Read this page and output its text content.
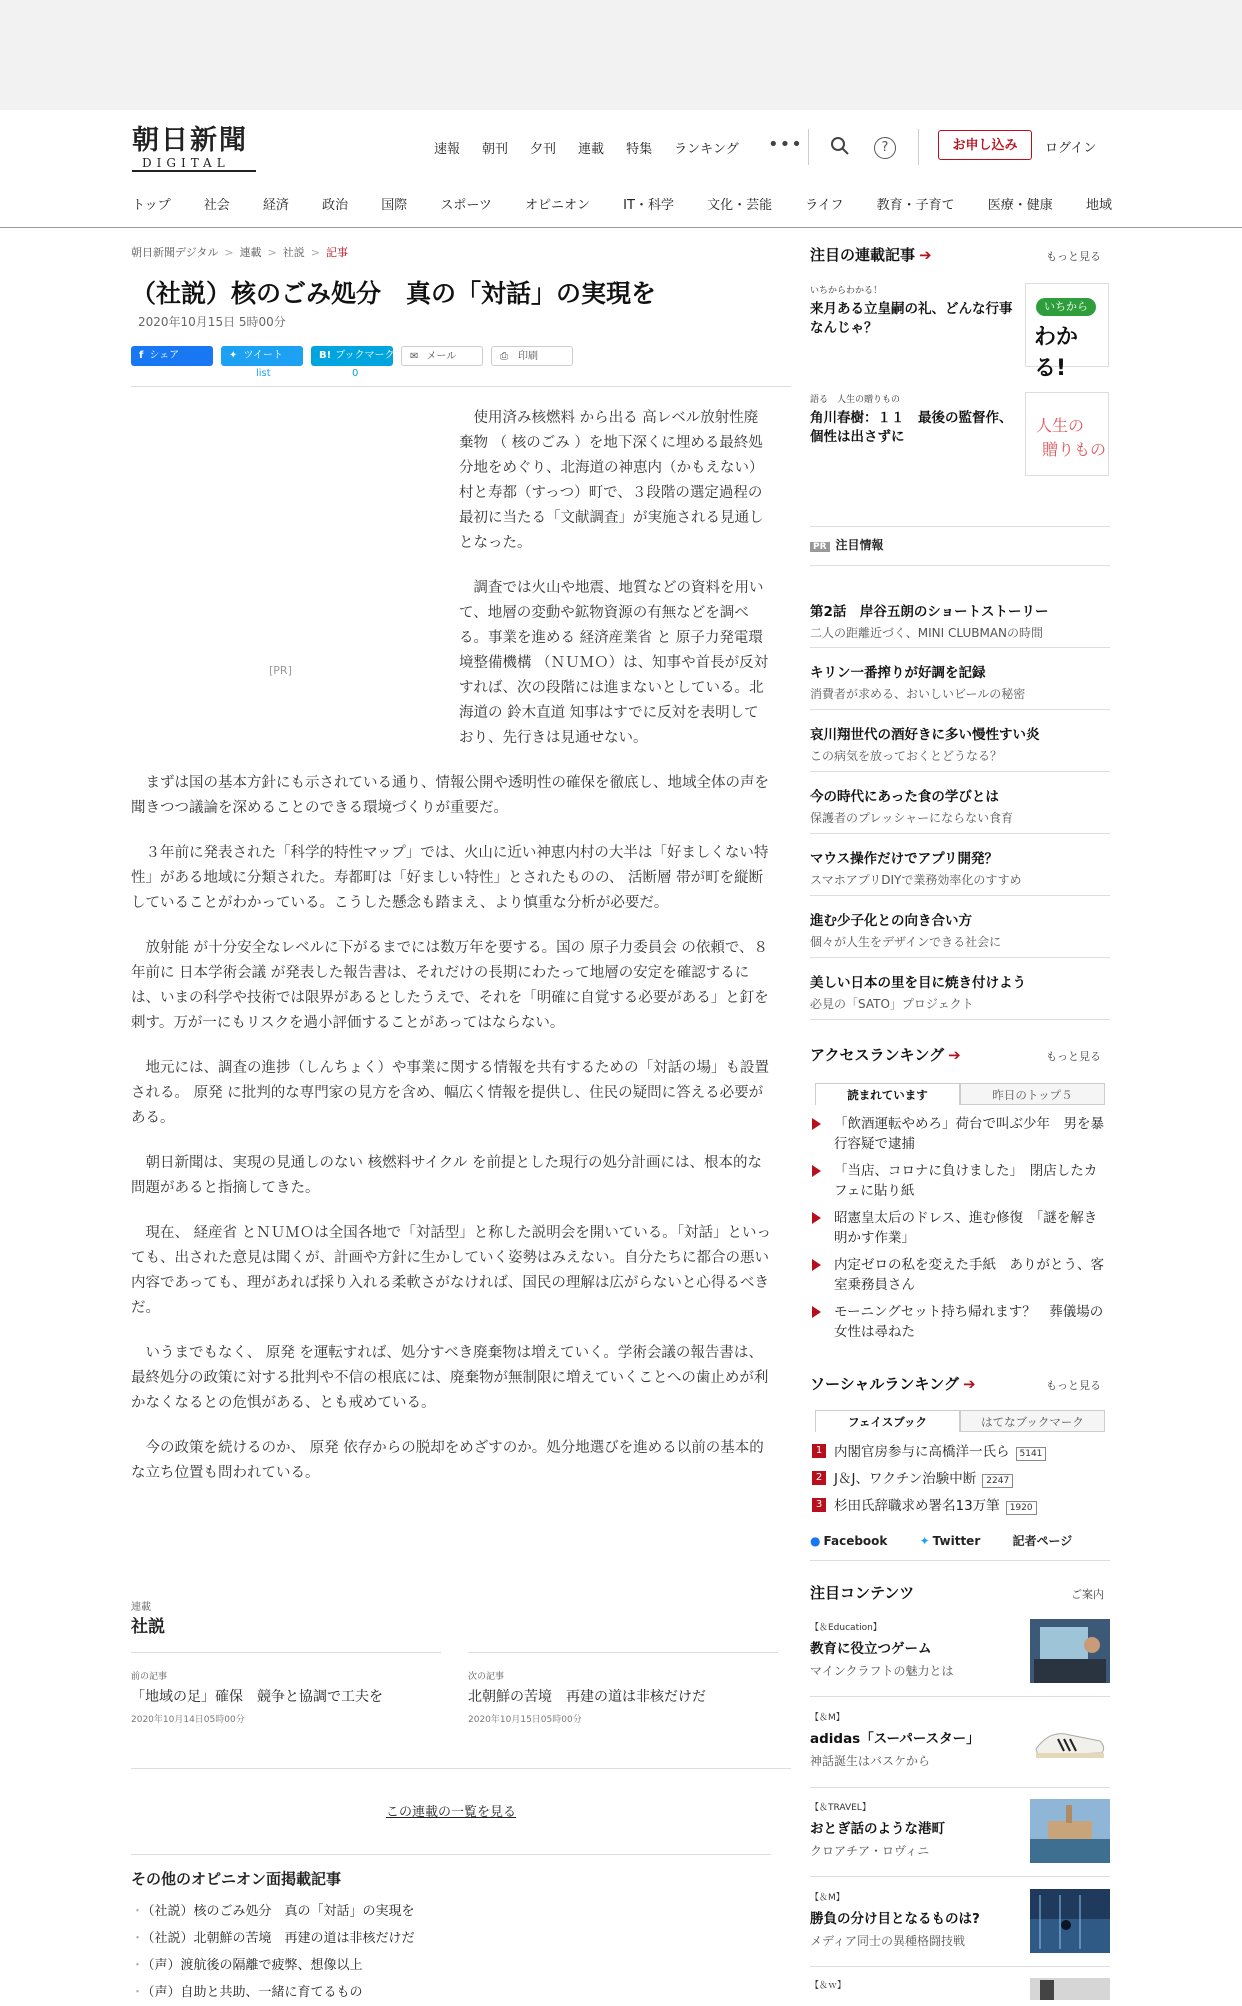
朝日新聞
DIGITAL
速報 朝刊 夕刊 連載 特集 ランキング •••	?	お申し込み	ログイン
トップ	社会	経済	政治	国際	スポーツ	オピニオン	IT・科学	文化・芸能	ライフ	教育・子育て	医療・健康	地域
朝日新聞デジタル > 連載 > 社説 > 記事
（社説）核のごみ処分　真の「対話」の実現を
2020年10月15日 5時00分
f シェア	✦ ツイート	B! ブックマーク	✉ メール	⎙ 印刷
list	0
[PR]

使用済み核燃料 から出る 高レベル放射性廃棄物 （ 核のごみ ）を地下深くに埋める最終処分地をめぐり、北海道の神恵内（かもえない）村と寿都（すっつ）町で、３段階の選定過程の最初に当たる「文献調査」が実施される見通しとなった。

調査では火山や地震、地質などの資料を用いて、地層の変動や鉱物資源の有無などを調べる。事業を進める 経済産業省 と 原子力発電環境整備機構 （ＮＵＭＯ）は、知事や首長が反対すれば、次の段階には進まないとしている。北海道の 鈴木直道 知事はすでに反対を表明しており、先行きは見通せない。

まずは国の基本方針にも示されている通り、情報公開や透明性の確保を徹底し、地域全体の声を聞きつつ議論を深めることのできる環境づくりが重要だ。

３年前に発表された「科学的特性マップ」では、火山に近い神恵内村の大半は「好ましくない特性」がある地域に分類された。寿都町は「好ましい特性」とされたものの、 活断層 帯が町を縦断していることがわかっている。こうした懸念も踏まえ、より慎重な分析が必要だ。

放射能 が十分安全なレベルに下がるまでには数万年を要する。国の 原子力委員会 の依頼で、８年前に 日本学術会議 が発表した報告書は、それだけの長期にわたって地層の安定を確認するには、いまの科学や技術では限界があるとしたうえで、それを「明確に自覚する必要がある」と釘を刺す。万が一にもリスクを過小評価することがあってはならない。

地元には、調査の進捗（しんちょく）や事業に関する情報を共有するための「対話の場」も設置される。 原発 に批判的な専門家の見方を含め、幅広く情報を提供し、住民の疑問に答える必要がある。

朝日新聞は、実現の見通しのない 核燃料サイクル を前提とした現行の処分計画には、根本的な問題があると指摘してきた。

現在、 経産省 とＮＵＭＯは全国各地で「対話型」と称した説明会を開いている。「対話」といっても、出された意見は聞くが、計画や方針に生かしていく姿勢はみえない。自分たちに都合の悪い内容であっても、理があれば採り入れる柔軟さがなければ、国民の理解は広がらないと心得るべきだ。

いうまでもなく、 原発 を運転すれば、処分すべき廃棄物は増えていく。学術会議の報告書は、最終処分の政策に対する批判や不信の根底には、廃棄物が無制限に増えていくことへの歯止めが利かなくなるとの危惧がある、とも戒めている。

今の政策を続けるのか、 原発 依存からの脱却をめざすのか。処分地選びを進める以前の基本的な立ち位置も問われている。

連載
社説
前の記事
「地域の足」確保　競争と協調で工夫を
2020年10月14日05時00分
次の記事
北朝鮮の苦境　再建の道は非核だけだ
2020年10月15日05時00分
この連載の一覧を見る
その他のオピニオン面掲載記事
・ （社説）核のごみ処分　真の「対話」の実現を
・ （社説）北朝鮮の苦境　再建の道は非核だけだ
・ （声）渡航後の隔離で疲弊、想像以上
・ （声）自助と共助、一緒に育てるもの
注目の連載記事 ➔	もっと見る
いちからわかる！
来月ある立皇嗣の礼、どんな行事なんじゃ？
いちから
わかる!
語る　人生の贈りもの
角川春樹：１１　最後の監督作、個性は出さずに
人生の
贈りもの
PR 注目情報
第2話　岸谷五朗のショートストーリー
二人の距離近づく、MINI CLUBMANの時間
キリン一番搾りが好調を記録
消費者が求める、おいしいビールの秘密
哀川翔世代の酒好きに多い慢性すい炎
この病気を放っておくとどうなる？
今の時代にあった食の学びとは
保護者のプレッシャーにならない食育
マウス操作だけでアプリ開発？
スマホアプリDIYで業務効率化のすすめ
進む少子化との向き合い方
個々が人生をデザインできる社会に
美しい日本の里を目に焼き付けよう
必見の「SATO」プロジェクト
アクセスランキング ➔	もっと見る
読まれています	昨日のトップ５
「飲酒運転やめろ」荷台で叫ぶ少年　男を暴行容疑で逮捕
「当店、コロナに負けました」　閉店したカフェに貼り紙
昭憲皇太后のドレス、進む修復　「謎を解き明かす作業」
内定ゼロの私を変えた手紙　ありがとう、客室乗務員さん
モーニングセット持ち帰れます？　葬儀場の女性は尋ねた
ソーシャルランキング ➔	もっと見る
フェイスブック	はてなブックマーク
1 内閣官房参与に高橋洋一氏ら 5141
2 J＆J、ワクチン治験中断 2247
3 杉田氏辞職求め署名13万筆 1920
● Facebook	✦ Twitter	記者ページ
注目コンテンツ	ご案内
【＆Education】
教育に役立つゲーム
マインクラフトの魅力とは
【＆M】
adidas「スーパースター」
神話誕生はバスケから
【＆TRAVEL】
おとぎ話のような港町
クロアチア・ロヴィニ
【＆M】
勝負の分け目となるものは?
メディア同士の異種格闘技戦
【＆ｗ】
